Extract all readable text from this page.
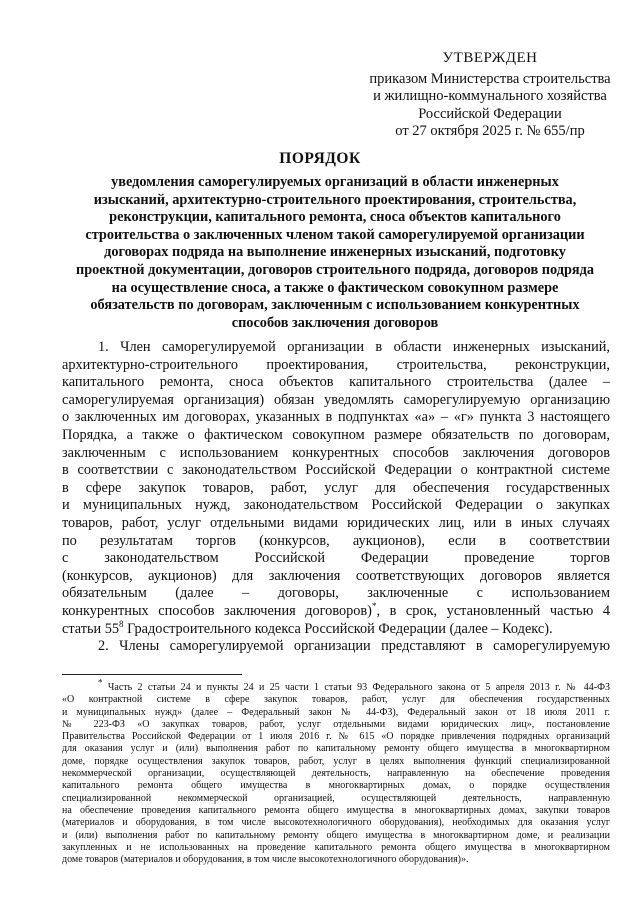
УТВЕРЖДЕН
приказом Министерства строительства
и жилищно-коммунального хозяйства
Российской Федерации
от 27 октября 2025 г. № 655/пр
ПОРЯДОК
уведомления саморегулируемых организаций в области инженерных
изысканий, архитектурно-строительного проектирования, строительства,
реконструкции, капитального ремонта, сноса объектов капитального
строительства о заключенных членом такой саморегулируемой организации
договорах подряда на выполнение инженерных изысканий, подготовку
проектной документации, договоров строительного подряда, договоров подряда
на осуществление сноса, а также о фактическом совокупном размере
обязательств по договорам, заключенным с использованием конкурентных
способов заключения договоров
1. Член саморегулируемой организации в области инженерных изысканий,
архитектурно-строительного проектирования, строительства, реконструкции,
капитального ремонта, сноса объектов капитального строительства (далее –
саморегулируемая организация) обязан уведомлять саморегулируемую организацию
о заключенных им договорах, указанных в подпунктах «а» – «г» пункта 3 настоящего
Порядка, а также о фактическом совокупном размере обязательств по договорам,
заключенным с использованием конкурентных способов заключения договоров
в соответствии с законодательством Российской Федерации о контрактной системе
в сфере закупок товаров, работ, услуг для обеспечения государственных
и муниципальных нужд, законодательством Российской Федерации о закупках
товаров, работ, услуг отдельными видами юридических лиц, или в иных случаях
по результатам торгов (конкурсов, аукционов), если в соответствии
с законодательством Российской Федерации проведение торгов
(конкурсов, аукционов) для заключения соответствующих договоров является
обязательным (далее – договоры, заключенные с использованием
конкурентных способов заключения договоров)*, в срок, установленный частью 4
статьи $55^8$ Градостроительного кодекса Российской Федерации (далее – Кодекс).
2. Члены саморегулируемой организации представляют в саморегулируемую
* Часть 2 статьи 24 и пункты 24 и 25 части 1 статьи 93 Федерального закона от 5 апреля 2013 г. № 44-ФЗ
«О контрактной системе в сфере закупок товаров, работ, услуг для обеспечения государственных
и муниципальных нужд» (далее – Федеральный закон № 44-ФЗ), Федеральный закон от 18 июля 2011 г.
№ 223-ФЗ «О закупках товаров, работ, услуг отдельными видами юридических лиц», постановление
Правительства Российской Федерации от 1 июля 2016 г. № 615 «О порядке привлечения подрядных организаций
для оказания услуг и (или) выполнения работ по капитальному ремонту общего имущества в многоквартирном
доме, порядке осуществления закупок товаров, работ, услуг в целях выполнения функций специализированной
некоммерческой организации, осуществляющей деятельность, направленную на обеспечение проведения
капитального ремонта общего имущества в многоквартирных домах, о порядке осуществления
специализированной некоммерческой организацией, осуществляющей деятельность, направленную
на обеспечение проведения капитального ремонта общего имущества в многоквартирных домах, закупки товаров
(материалов и оборудования, в том числе высокотехнологичного оборудования), необходимых для оказания услуг
и (или) выполнения работ по капитальному ремонту общего имущества в многоквартирном доме, и реализации
закупленных и не использованных на проведение капитального ремонта общего имущества в многоквартирном
доме товаров (материалов и оборудования, в том числе высокотехнологичного оборудования)».
